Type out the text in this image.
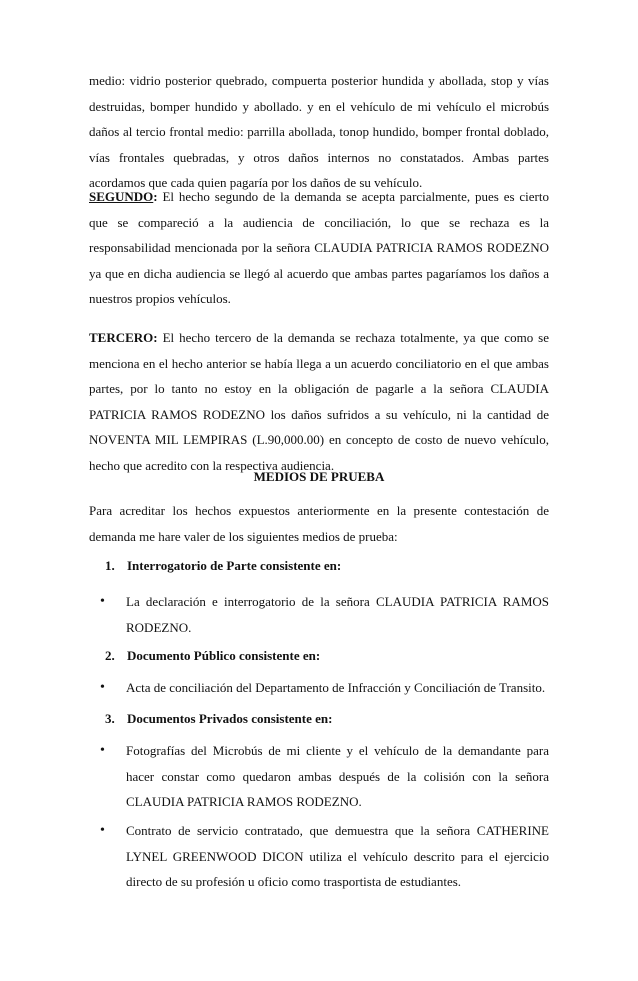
medio: vidrio posterior quebrado, compuerta posterior hundida y abollada, stop y vías destruidas, bomper hundido y abollado. y en el vehículo de mi vehículo el microbús daños al tercio frontal medio: parrilla abollada, tonop hundido, bomper frontal doblado, vías frontales quebradas, y otros daños internos no constatados. Ambas partes acordamos que cada quien pagaría por los daños de su vehículo.

SEGUNDO: El hecho segundo de la demanda se acepta parcialmente, pues es cierto que se compareció a la audiencia de conciliación, lo que se rechaza es la responsabilidad mencionada por la señora CLAUDIA PATRICIA RAMOS RODEZNO ya que en dicha audiencia se llegó al acuerdo que ambas partes pagaríamos los daños a nuestros propios vehículos.

TERCERO: El hecho tercero de la demanda se rechaza totalmente, ya que como se menciona en el hecho anterior se había llega a un acuerdo conciliatorio en el que ambas partes, por lo tanto no estoy en la obligación de pagarle a la señora CLAUDIA PATRICIA RAMOS RODEZNO los daños sufridos a su vehículo, ni la cantidad de NOVENTA MIL LEMPIRAS (L.90,000.00) en concepto de costo de nuevo vehículo, hecho que acredito con la respectiva audiencia.

MEDIOS DE PRUEBA

Para acreditar los hechos expuestos anteriormente en la presente contestación de demanda me hare valer de los siguientes medios de prueba:

1. Interrogatorio de Parte consistente en:
•	La declaración e interrogatorio de la señora CLAUDIA PATRICIA RAMOS RODEZNO.
2. Documento Público consistente en:
•	Acta de conciliación del Departamento de Infracción y Conciliación de Transito.
3. Documentos Privados consistente en:
•	Fotografías del Microbús de mi cliente y el vehículo de la demandante para hacer constar como quedaron ambas después de la colisión con la señora CLAUDIA PATRICIA RAMOS RODEZNO.
•	Contrato de servicio contratado, que demuestra que la señora CATHERINE LYNEL GREENWOOD DICON utiliza el vehículo descrito para el ejercicio directo de su profesión u oficio como trasportista de estudiantes.
